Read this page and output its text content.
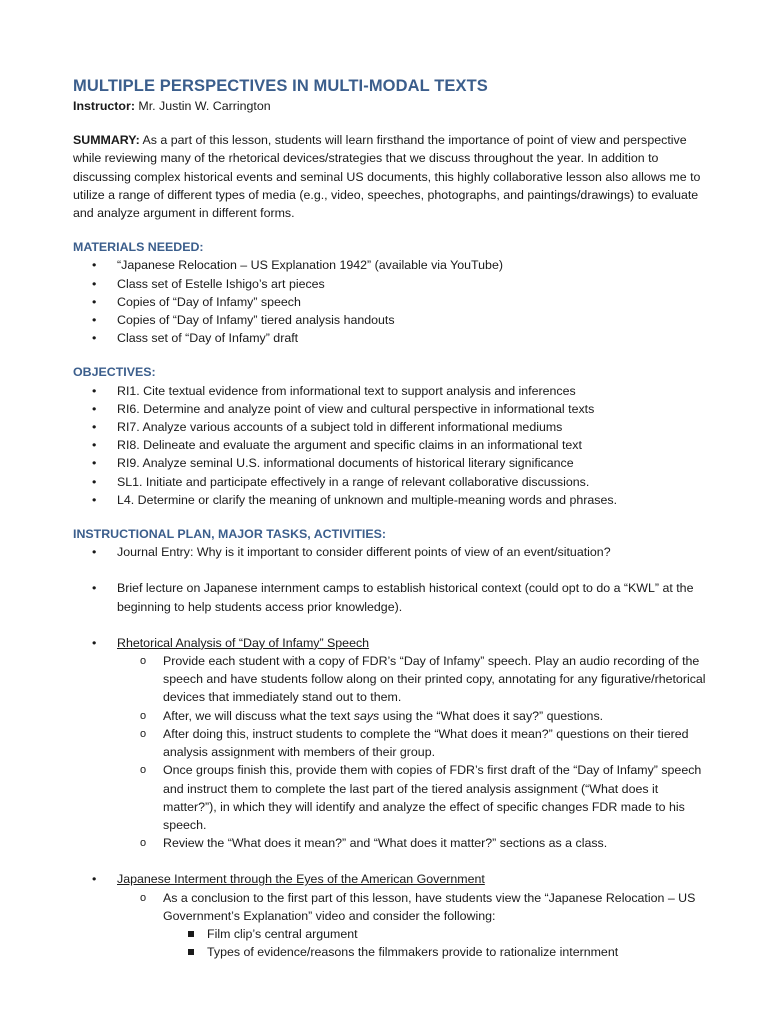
MULTIPLE PERSPECTIVES IN MULTI-MODAL TEXTS

Instructor: Mr. Justin W. Carrington

SUMMARY: As a part of this lesson, students will learn firsthand the importance of point of view and perspective while reviewing many of the rhetorical devices/strategies that we discuss throughout the year. In addition to discussing complex historical events and seminal US documents, this highly collaborative lesson also allows me to utilize a range of different types of media (e.g., video, speeches, photographs, and paintings/drawings) to evaluate and analyze argument in different forms.

MATERIALS NEEDED:

• “Japanese Relocation – US Explanation 1942” (available via YouTube)
• Class set of Estelle Ishigo’s art pieces
• Copies of “Day of Infamy” speech
• Copies of “Day of Infamy” tiered analysis handouts
• Class set of “Day of Infamy” draft

OBJECTIVES:

• RI1. Cite textual evidence from informational text to support analysis and inferences
• RI6. Determine and analyze point of view and cultural perspective in informational texts
• RI7. Analyze various accounts of a subject told in different informational mediums
• RI8. Delineate and evaluate the argument and specific claims in an informational text
• RI9. Analyze seminal U.S. informational documents of historical literary significance
• SL1. Initiate and participate effectively in a range of relevant collaborative discussions.
• L4. Determine or clarify the meaning of unknown and multiple-meaning words and phrases.

INSTRUCTIONAL PLAN, MAJOR TASKS, ACTIVITIES:

• Journal Entry: Why is it important to consider different points of view of an event/situation?
• Brief lecture on Japanese internment camps to establish historical context (could opt to do a “KWL” at the beginning to help students access prior knowledge).
• Rhetorical Analysis of “Day of Infamy” Speech
o Provide each student with a copy of FDR’s “Day of Infamy” speech. Play an audio recording of the speech and have students follow along on their printed copy, annotating for any figurative/rhetorical devices that immediately stand out to them.
o After, we will discuss what the text says using the “What does it say?” questions.
o After doing this, instruct students to complete the “What does it mean?” questions on their tiered analysis assignment with members of their group.
o Once groups finish this, provide them with copies of FDR’s first draft of the “Day of Infamy” speech and instruct them to complete the last part of the tiered analysis assignment (“What does it matter?”), in which they will identify and analyze the effect of specific changes FDR made to his speech.
o Review the “What does it mean?” and “What does it matter?” sections as a class.
• Japanese Interment through the Eyes of the American Government
o As a conclusion to the first part of this lesson, have students view the “Japanese Relocation – US Government’s Explanation” video and consider the following:
Film clip’s central argument
Types of evidence/reasons the filmmakers provide to rationalize internment
